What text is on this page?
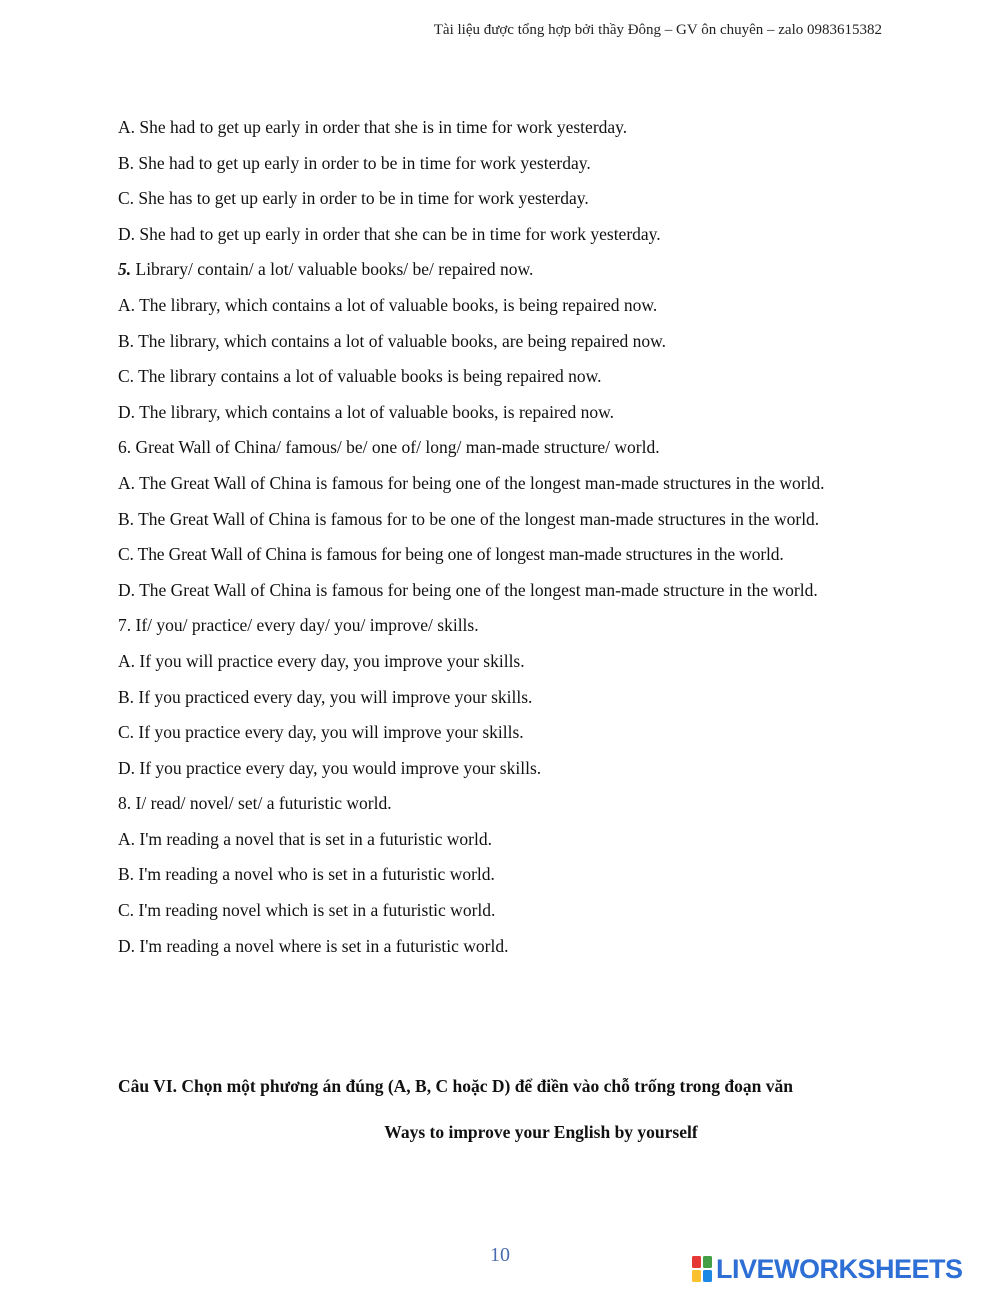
Tài liệu được tổng hợp bởi thầy Đông – GV ôn chuyên – zalo 0983615382
A. She had to get up early in order that she is in time for work yesterday.
B. She had to get up early in order to be in time for work yesterday.
C. She has to get up early in order to be in time for work yesterday.
D. She had to get up early in order that she can be in time for work yesterday.
5. Library/ contain/ a lot/ valuable books/ be/ repaired now.
A. The library, which contains a lot of valuable books, is being repaired now.
B. The library, which contains a lot of valuable books, are being repaired now.
C. The library contains a lot of valuable books is being repaired now.
D. The library, which contains a lot of valuable books, is repaired now.
6. Great Wall of China/ famous/ be/ one of/ long/ man-made structure/ world.
A. The Great Wall of China is famous for being one of the longest man-made structures in the world.
B. The Great Wall of China is famous for to be one of the longest man-made structures in the world.
C. The Great Wall of China is famous for being one of longest man-made structures in the world.
D. The Great Wall of China is famous for being one of the longest man-made structure in the world.
7. If/ you/ practice/ every day/ you/ improve/ skills.
A. If you will practice every day, you improve your skills.
B. If you practiced every day, you will improve your skills.
C. If you practice every day, you will improve your skills.
D. If you practice every day, you would improve your skills.
8. I/ read/ novel/ set/ a futuristic world.
A. I'm reading a novel that is set in a futuristic world.
B. I'm reading a novel who is set in a futuristic world.
C. I'm reading novel which is set in a futuristic world.
D. I'm reading a novel where is set in a futuristic world.
Câu VI. Chọn một phương án đúng (A, B, C hoặc D) để điền vào chỗ trống trong đoạn văn
Ways to improve your English by yourself
10	LIVEWORKSHEETS
